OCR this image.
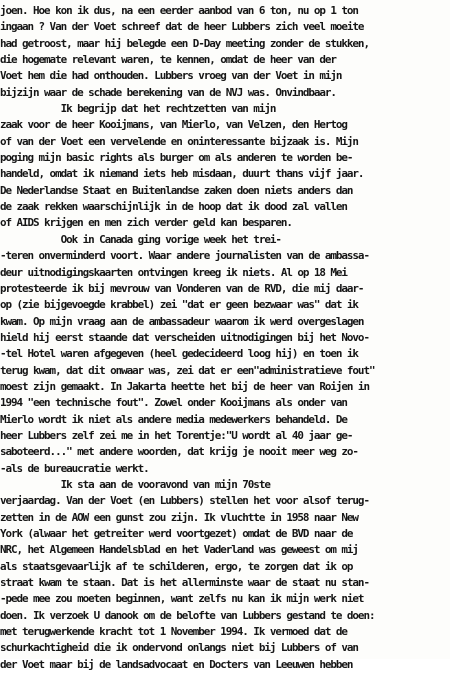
joen. Hoe kon ik dus, na een eerder aanbod van 6 ton, nu op 1 ton
ingaan ? Van der Voet schreef dat de heer Lubbers zich veel moeite
had getroost, maar hij belegde een D-Day meeting zonder de stukken,
die hogemate relevant waren, te kennen, omdat de heer van der
Voet hem die had onthouden. Lubbers vroeg van der Voet in mijn
bijzijn waar de schade berekening van de NVJ was. Onvindbaar.
Ik begrijp dat het rechtzetten van mijn
zaak voor de heer Kooijmans, van Mierlo, van Velzen, den Hertog
of van der Voet een vervelende en oninteressante bijzaak is. Mijn
poging mijn basic rights als burger om als anderen te worden be-
handeld, omdat ik niemand iets heb misdaan, duurt thans vijf jaar.
De Nederlandse Staat en Buitenlandse zaken doen niets anders dan
de zaak rekken waarschijnlijk in de hoop dat ik dood zal vallen
of AIDS krijgen en men zich verder geld kan besparen.
Ook in Canada ging vorige week het trei-
-teren onverminderd voort. Waar andere journalisten van de ambassa-
deur uitnodigingskaarten ontvingen kreeg ik niets. Al op 18 Mei
protesteerde ik bij mevrouw van Vonderen van de RVD, die mij daar-
op (zie bijgevoegde krabbel) zei "dat er geen bezwaar was" dat ik
kwam. Op mijn vraag aan de ambassadeur waarom ik werd overgeslagen
hield hij eerst staande dat verscheiden uitnodigingen bij het Novo-
-tel Hotel waren afgegeven (heel gedecideerd loog hij) en toen ik
terug kwam, dat dit onwaar was, zei dat er een"administratieve fout"
moest zijn gemaakt. In Jakarta heette het bij de heer van Roijen in
1994 "een technische fout". Zowel onder Kooijmans als onder van
Mierlo wordt ik niet als andere media medewerkers behandeld. De
heer Lubbers zelf zei me in het Torentje:"U wordt al 40 jaar ge-
saboteerd..." met andere woorden, dat krijg je nooit meer weg zo-
-als de bureaucratie werkt.
Ik sta aan de vooravond van mijn 70ste
verjaardag. Van der Voet (en Lubbers) stellen het voor alsof terug-
zetten in de AOW een gunst zou zijn. Ik vluchtte in 1958 naar New
York (alwaar het getreiter werd voortgezet) omdat de BVD naar de
NRC, het Algemeen Handelsblad en het Vaderland was geweest om mij
als staatsgevaarlijk af te schilderen, ergo, te zorgen dat ik op
straat kwam te staan. Dat is het allerminste waar de staat nu stan-
-pede mee zou moeten beginnen, want zelfs nu kan ik mijn werk niet
doen. Ik verzoek U danook om de belofte van Lubbers gestand te doen:
met terugwerkende kracht tot 1 November 1994. Ik vermoed dat de
schurkachtigheid die ik ondervond onlangs niet bij Lubbers of van
der Voet maar bij de landsadvocaat en Docters van Leeuwen hebben
